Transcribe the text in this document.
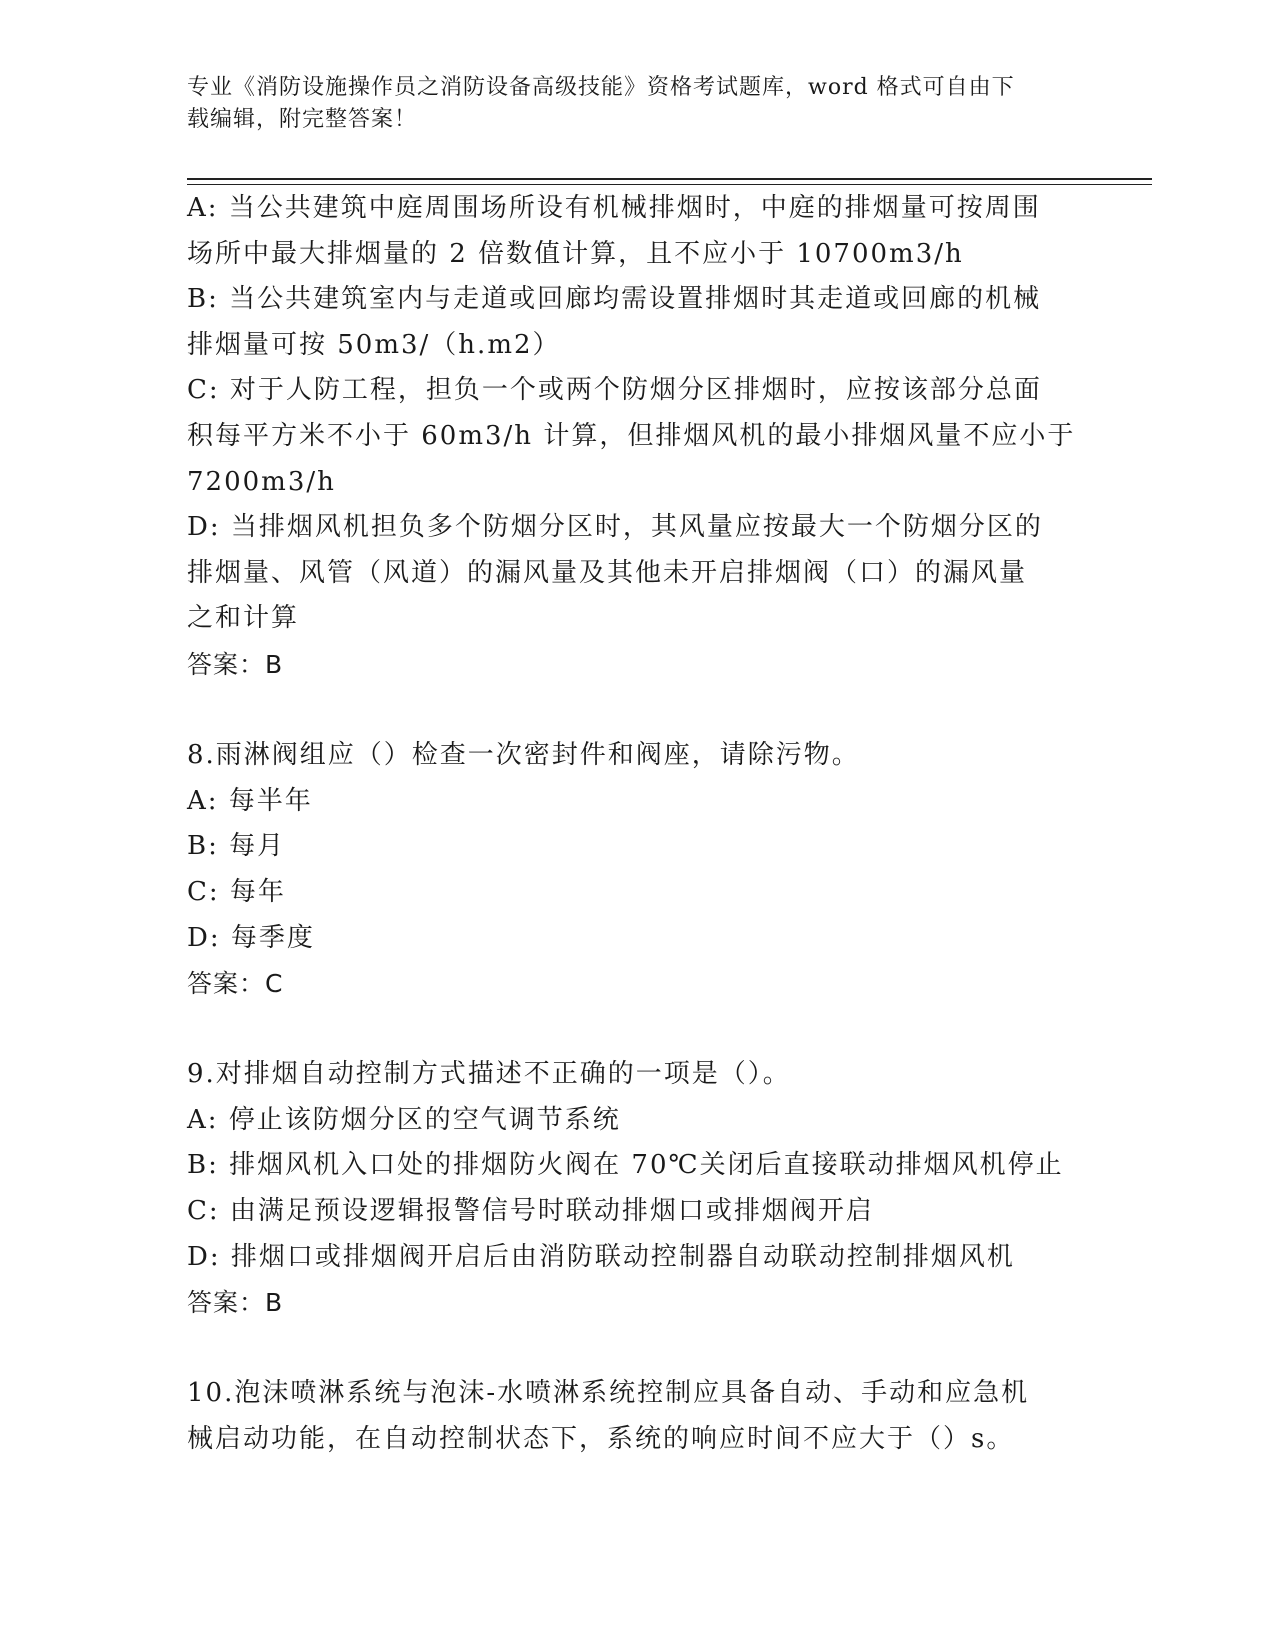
专业《消防设施操作员之消防设备高级技能》资格考试题库，word 格式可自由下
载编辑，附完整答案！
A: 当公共建筑中庭周围场所设有机械排烟时，中庭的排烟量可按周围
场所中最大排烟量的 2 倍数值计算，且不应小于 10700m3/h
B: 当公共建筑室内与走道或回廊均需设置排烟时其走道或回廊的机械
排烟量可按 50m3/（h.m2）
C: 对于人防工程，担负一个或两个防烟分区排烟时，应按该部分总面
积每平方米不小于 60m3/h 计算，但排烟风机的最小排烟风量不应小于
7200m3/h
D: 当排烟风机担负多个防烟分区时，其风量应按最大一个防烟分区的
排烟量、风管（风道）的漏风量及其他未开启排烟阀（口）的漏风量
之和计算
答案：B
8.雨淋阀组应（）检查一次密封件和阀座，请除污物。
A: 每半年
B: 每月
C: 每年
D: 每季度
答案：C
9.对排烟自动控制方式描述不正确的一项是（）。
A: 停止该防烟分区的空气调节系统
B: 排烟风机入口处的排烟防火阀在 70℃关闭后直接联动排烟风机停止
C: 由满足预设逻辑报警信号时联动排烟口或排烟阀开启
D: 排烟口或排烟阀开启后由消防联动控制器自动联动控制排烟风机
答案：B
10.泡沫喷淋系统与泡沫-水喷淋系统控制应具备自动、手动和应急机
械启动功能，在自动控制状态下，系统的响应时间不应大于（）s。
